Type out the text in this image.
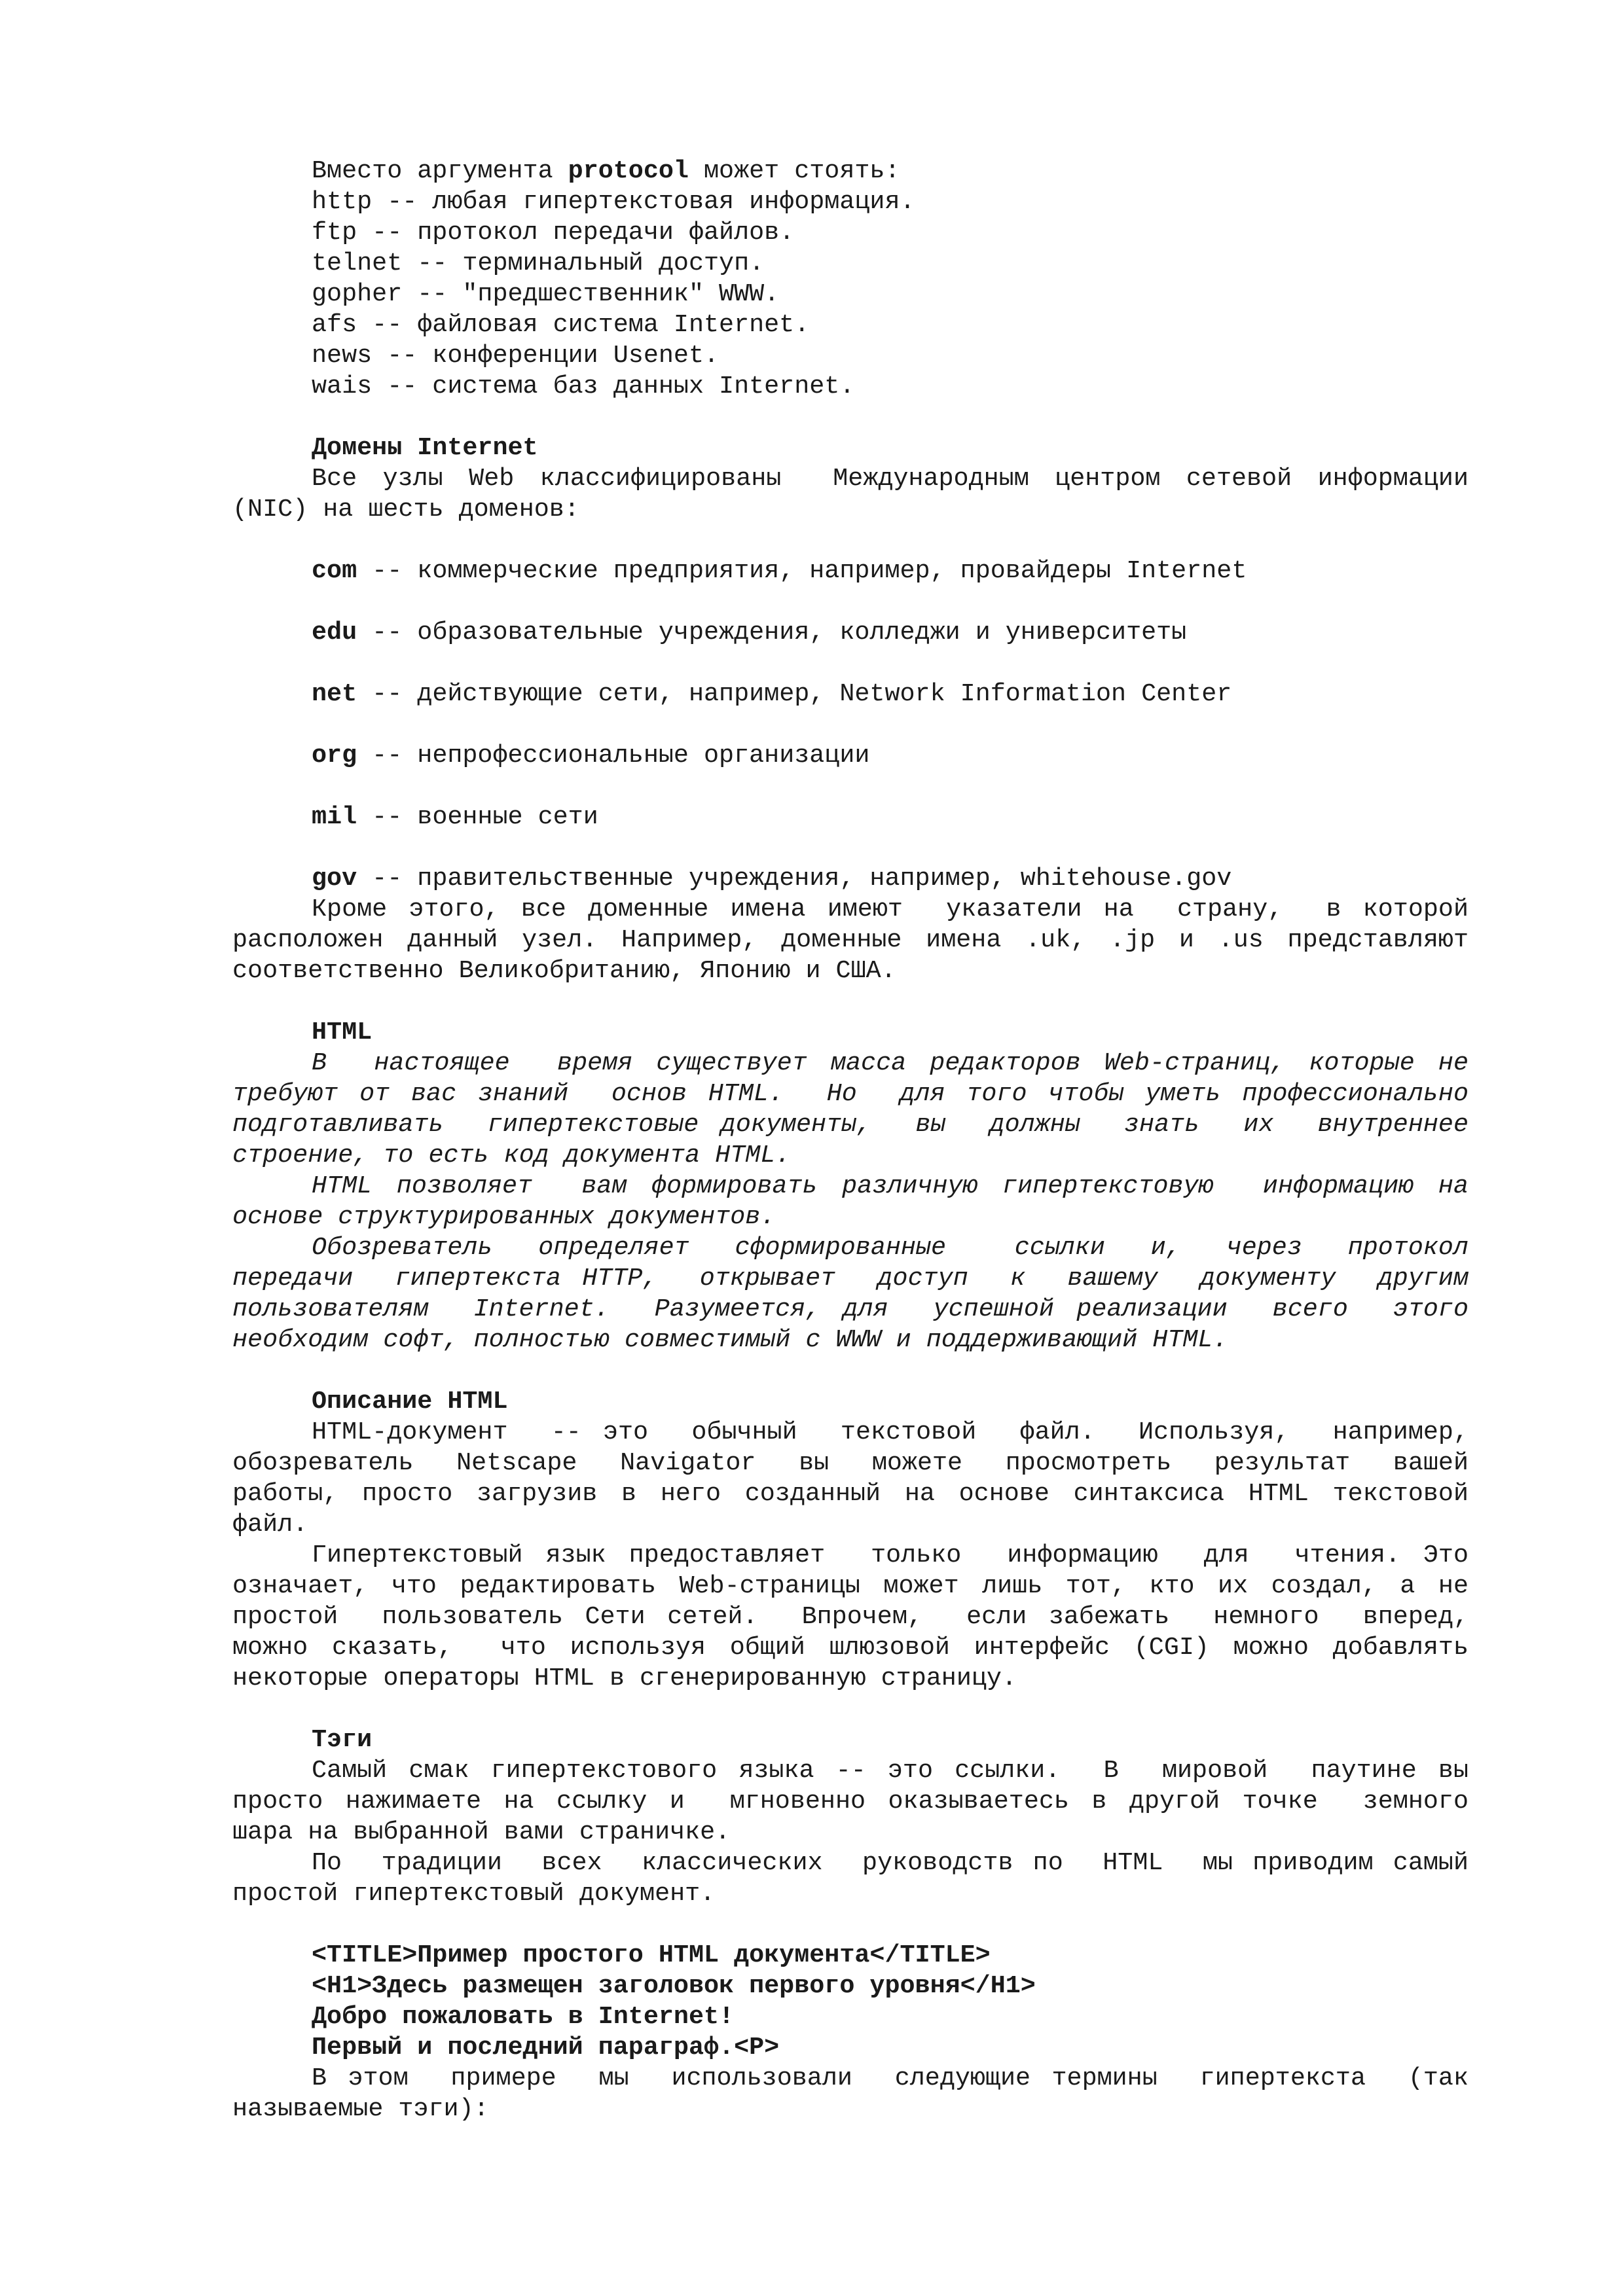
Вместо аргумента protocol может стоять:
http -- любая гипертекстовая информация.
ftp -- протокол передачи файлов.
telnet -- терминальный доступ.
gopher -- "предшественник" WWW.
afs -- файловая система Internet.
news -- конференции Usenet.
wais -- система баз данных Internet.
Домены Internet
Все узлы Web классифицированы  Международным центром сетевой информации
(NIC) на шесть доменов:
com -- коммерческие предприятия, например, провайдеры Internet
edu -- образовательные учреждения, колледжи и университеты
net -- действующие сети, например, Network Information Center
org -- непрофессиональные организации
mil -- военные сети
gov -- правительственные учреждения, например, whitehouse.gov
Кроме этого, все доменные имена имеют  указатели на  страну,  в которой
расположен данный узел. Например, доменные имена .uk, .jp и .us представляют
соответственно Великобританию, Японию и США.
HTML
В  настоящее  время существует масса редакторов Web-страниц, которые не
требуют от вас знаний  основ HTML.  Но  для того чтобы уметь профессионально
подготавливать  гипертекстовые документы,  вы  должны  знать  их  внутреннее
строение, то есть код документа HTML.
HTML позволяет  вам формировать различную гипертекстовую  информацию на
основе структурированных документов.
Обозреватель  определяет  сформированные   ссылки  и,  через  протокол
передачи  гипертекста HTTP,  открывает  доступ  к  вашему  документу  другим
пользователям  Internet.  Разумеется, для  успешной реализации  всего  этого
необходим софт, полностью совместимый с WWW и поддерживающий HTML.
Описание HTML
HTML-документ  -- это  обычный  текстовой  файл.  Используя,  например,
обозреватель  Netscape  Navigator  вы  можете  просмотреть  результат  вашей
работы, просто загрузив в него созданный на основе синтаксиса HTML текстовой
файл.
Гипертекстовый язык предоставляет  только  информацию  для  чтения. Это
означает, что редактировать Web-страницы может лишь тот, кто их создал, а не
простой  пользователь Сети сетей.  Впрочем,  если забежать  немного  вперед,
можно сказать,  что используя общий шлюзовой интерфейс (CGI) можно добавлять
некоторые операторы HTML в сгенерированную страницу.
Тэги
Самый смак гипертекстового языка -- это ссылки.  В  мировой  паутине вы
просто нажимаете на ссылку и  мгновенно оказываетесь в другой точке  земного
шара на выбранной вами страничке.
По  традиции  всех  классических  руководств по  HTML  мы приводим самый
простой гипертекстовый документ.
<TITLE>Пример простого HTML документа</TITLE>
<H1>Здесь размещен заголовок первого уровня</H1>
Добро пожаловать в Internet!
Первый и последний параграф.<P>
В этом  примере  мы  использовали  следующие термины  гипертекста  (так
называемые тэги):
